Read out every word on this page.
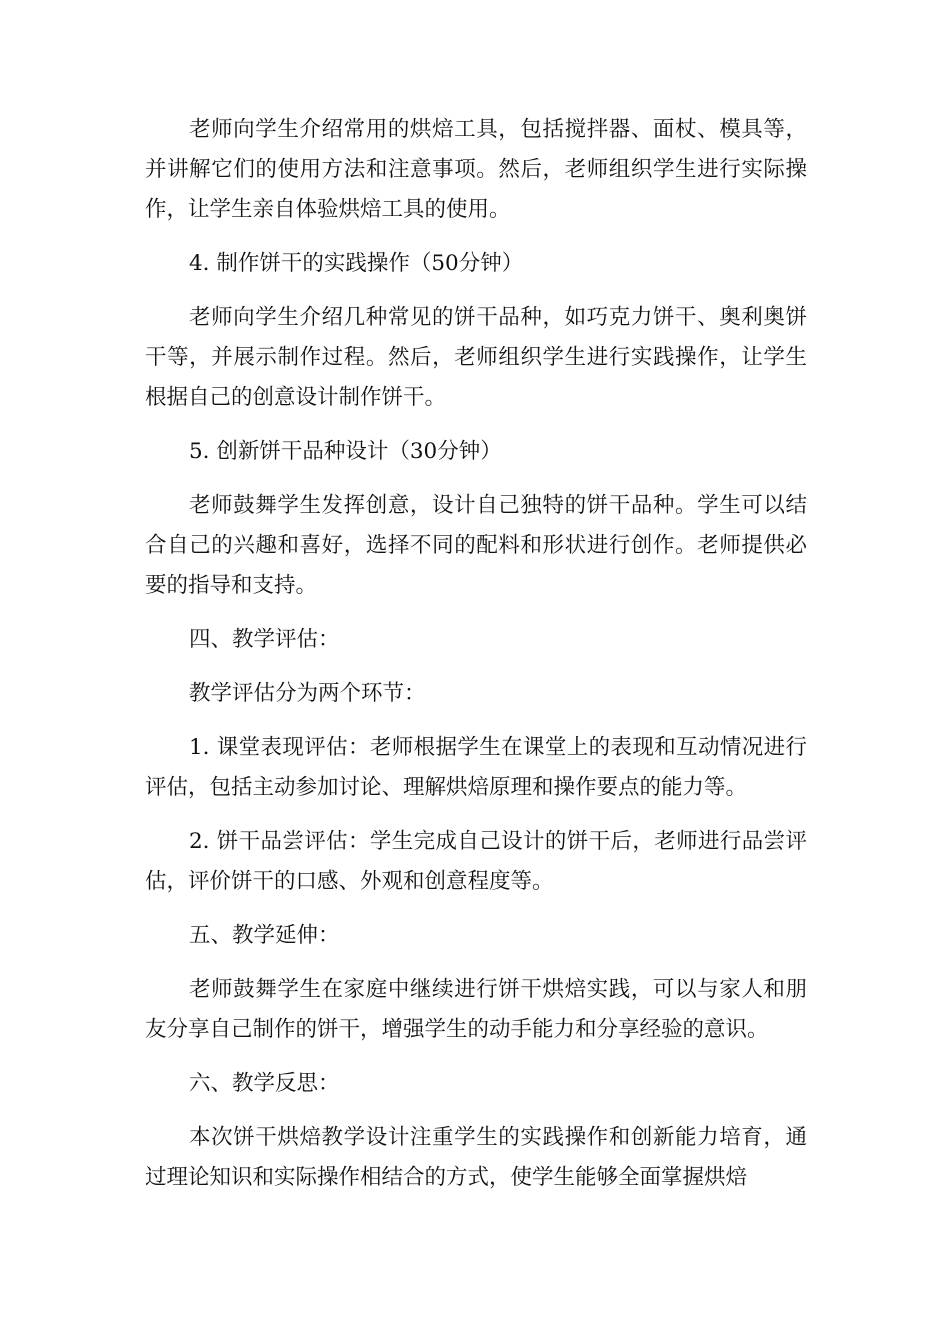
老师向学生介绍常用的烘焙工具，包括搅拌器、面杖、模具等，并讲解它们的使用方法和注意事项。然后，老师组织学生进行实际操作，让学生亲自体验烘焙工具的使用。

4. 制作饼干的实践操作（50分钟）

老师向学生介绍几种常见的饼干品种，如巧克力饼干、奥利奥饼干等，并展示制作过程。然后，老师组织学生进行实践操作，让学生根据自己的创意设计制作饼干。

5. 创新饼干品种设计（30分钟）

老师鼓舞学生发挥创意，设计自己独特的饼干品种。学生可以结合自己的兴趣和喜好，选择不同的配料和形状进行创作。老师提供必要的指导和支持。

四、教学评估：

教学评估分为两个环节：

1. 课堂表现评估：老师根据学生在课堂上的表现和互动情况进行评估，包括主动参加讨论、理解烘焙原理和操作要点的能力等。

2. 饼干品尝评估：学生完成自己设计的饼干后，老师进行品尝评估，评价饼干的口感、外观和创意程度等。

五、教学延伸：

老师鼓舞学生在家庭中继续进行饼干烘焙实践，可以与家人和朋友分享自己制作的饼干，增强学生的动手能力和分享经验的意识。

六、教学反思：

本次饼干烘焙教学设计注重学生的实践操作和创新能力培育，通过理论知识和实际操作相结合的方式，使学生能够全面掌握烘焙
